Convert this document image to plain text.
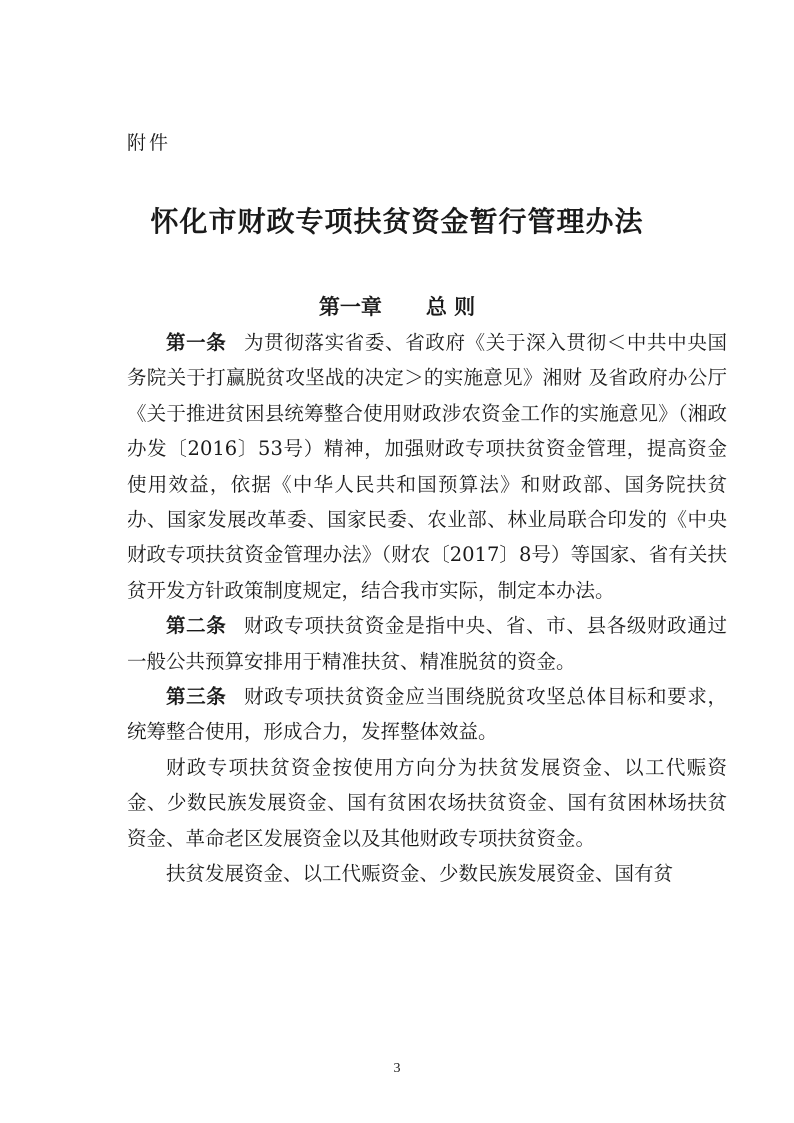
附件
怀化市财政专项扶贫资金暂行管理办法
第一章 总 则

第一条 为贯彻落实省委、省政府《关于深入贯彻＜中共中央国务院关于打赢脱贫攻坚战的决定＞的实施意见》湘财 及省政府办公厅《关于推进贫困县统筹整合使用财政涉农资金工作的实施意见》（湘政办发〔2016〕53号）精神，加强财政专项扶贫资金管理，提高资金使用效益，依据《中华人民共和国预算法》和财政部、国务院扶贫办、国家发展改革委、国家民委、农业部、林业局联合印发的《中央财政专项扶贫资金管理办法》（财农〔2017〕8号）等国家、省有关扶贫开发方针政策制度规定，结合我市实际，制定本办法。

第二条 财政专项扶贫资金是指中央、省、市、县各级财政通过一般公共预算安排用于精准扶贫、精准脱贫的资金。

第三条 财政专项扶贫资金应当围绕脱贫攻坚总体目标和要求，统筹整合使用，形成合力，发挥整体效益。

财政专项扶贫资金按使用方向分为扶贫发展资金、以工代赈资金、少数民族发展资金、国有贫困农场扶贫资金、国有贫困林场扶贫资金、革命老区发展资金以及其他财政专项扶贫资金。

扶贫发展资金、以工代赈资金、少数民族发展资金、国有贫

3
